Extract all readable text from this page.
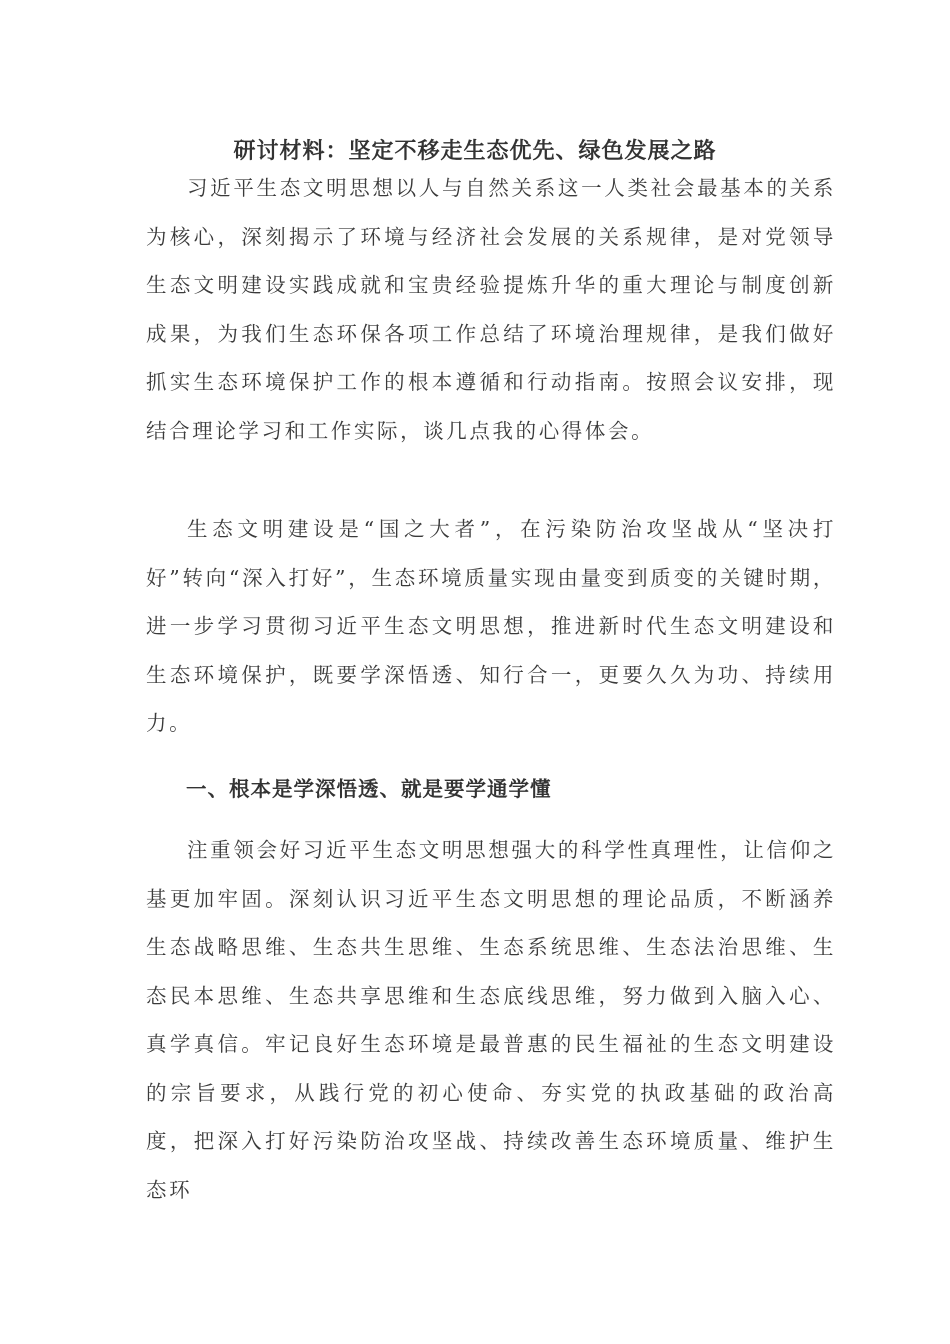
研讨材料：坚定不移走生态优先、绿色发展之路

习近平生态文明思想以人与自然关系这一人类社会最基本的关系为核心，深刻揭示了环境与经济社会发展的关系规律，是对党领导生态文明建设实践成就和宝贵经验提炼升华的重大理论与制度创新成果，为我们生态环保各项工作总结了环境治理规律，是我们做好抓实生态环境保护工作的根本遵循和行动指南。按照会议安排，现结合理论学习和工作实际，谈几点我的心得体会。

生态文明建设是“国之大者”，在污染防治攻坚战从“坚决打好”转向“深入打好”，生态环境质量实现由量变到质变的关键时期，进一步学习贯彻习近平生态文明思想，推进新时代生态文明建设和生态环境保护，既要学深悟透、知行合一，更要久久为功、持续用力。

一、根本是学深悟透、就是要学通学懂

注重领会好习近平生态文明思想强大的科学性真理性，让信仰之基更加牢固。深刻认识习近平生态文明思想的理论品质，不断涵养生态战略思维、生态共生思维、生态系统思维、生态法治思维、生态民本思维、生态共享思维和生态底线思维，努力做到入脑入心、真学真信。牢记良好生态环境是最普惠的民生福祉的生态文明建设的宗旨要求，从践行党的初心使命、夯实党的执政基础的政治高度，把深入打好污染防治攻坚战、持续改善生态环境质量、维护生态环
